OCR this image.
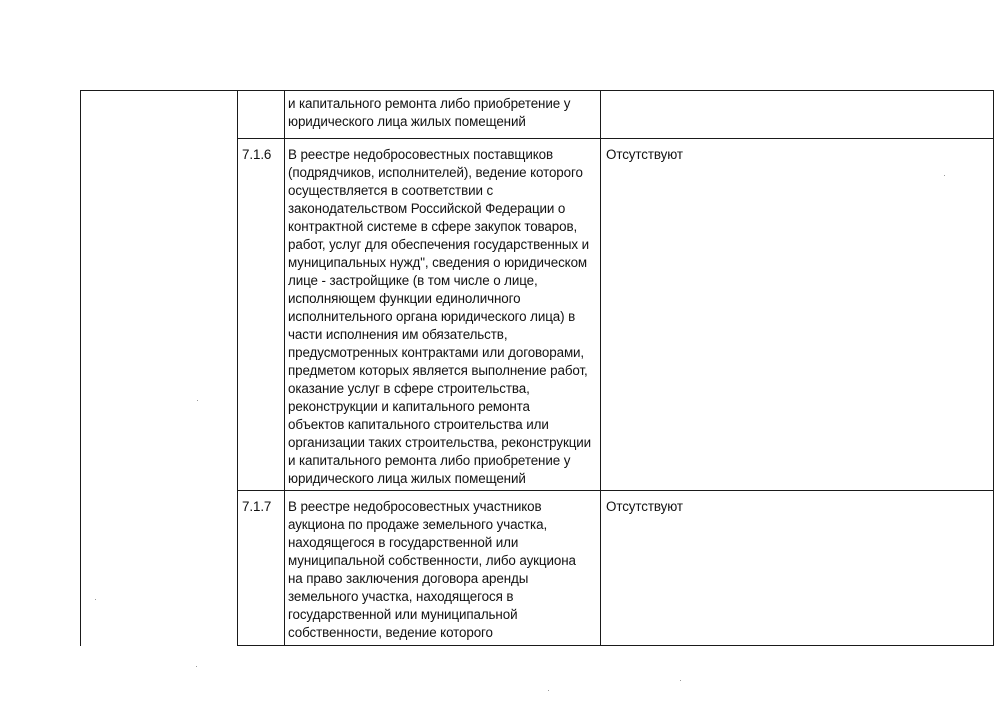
и капитального ремонта либо приобретение у
юридического лица жилых помещений
7.1.6	Отсутствуют
В реестре недобросовестных поставщиков
(подрядчиков, исполнителей), ведение которого
осуществляется в соответствии с
законодательством Российской Федерации о
контрактной системе в сфере закупок товаров,
работ, услуг для обеспечения государственных и
муниципальных нужд", сведения о юридическом
лице - застройщике (в том числе о лице,
исполняющем функции единоличного
исполнительного органа юридического лица) в
части исполнения им обязательств,
предусмотренных контрактами или договорами,
предметом которых является выполнение работ,
оказание услуг в сфере строительства,
реконструкции и капитального ремонта
объектов капитального строительства или
организации таких строительства, реконструкции
и капитального ремонта либо приобретение у
юридического лица жилых помещений
7.1.7	Отсутствуют
В реестре недобросовестных участников
аукциона по продаже земельного участка,
находящегося в государственной или
муниципальной собственности, либо аукциона
на право заключения договора аренды
земельного участка, находящегося в
государственной или муниципальной
собственности, ведение которого
